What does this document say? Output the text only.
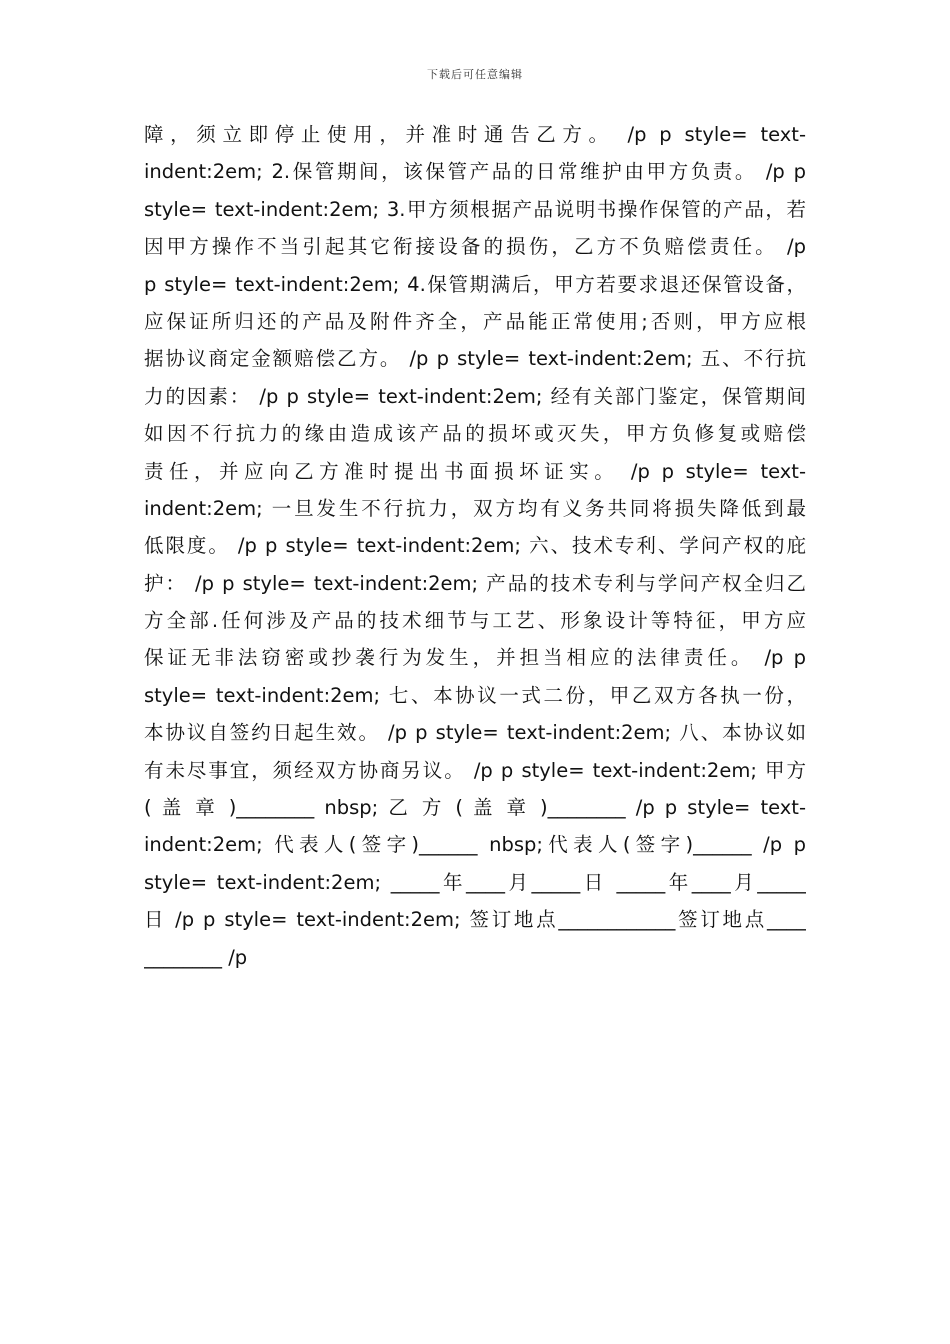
下载后可任意编辑
障，须立即停止使用，并准时通告乙方。 /p p style= text-
indent:2em; 2.保管期间，该保管产品的日常维护由甲方负责。 /p p
style= text-indent:2em; 3.甲方须根据产品说明书操作保管的产品，若
因甲方操作不当引起其它衔接设备的损伤，乙方不负赔偿责任。 /p
p style= text-indent:2em; 4.保管期满后，甲方若要求退还保管设备，
应保证所归还的产品及附件齐全，产品能正常使用;否则，甲方应根
据协议商定金额赔偿乙方。 /p p style= text-indent:2em; 五、不行抗
力的因素： /p p style= text-indent:2em; 经有关部门鉴定，保管期间
如因不行抗力的缘由造成该产品的损坏或灭失，甲方负修复或赔偿
责任，并应向乙方准时提出书面损坏证实。 /p p style= text-
indent:2em; 一旦发生不行抗力，双方均有义务共同将损失降低到最
低限度。 /p p style= text-indent:2em; 六、技术专利、学问产权的庇
护： /p p style= text-indent:2em; 产品的技术专利与学问产权全归乙
方全部.任何涉及产品的技术细节与工艺、形象设计等特征，甲方应
保证无非法窃密或抄袭行为发生，并担当相应的法律责任。 /p p
style= text-indent:2em; 七、本协议一式二份，甲乙双方各执一份，
本协议自签约日起生效。 /p p style= text-indent:2em; 八、本协议如
有未尽事宜，须经双方协商另议。 /p p style= text-indent:2em; 甲方
( 盖 章 )________ nbsp; 乙 方 ( 盖 章 )________ /p p style= text-
indent:2em; 代表人(签字)______ nbsp;代表人(签字)______ /p p
style= text-indent:2em; _____年____月_____日 _____年____月_____
日 /p p style= text-indent:2em; 签订地点____________签订地点____
________ /p
